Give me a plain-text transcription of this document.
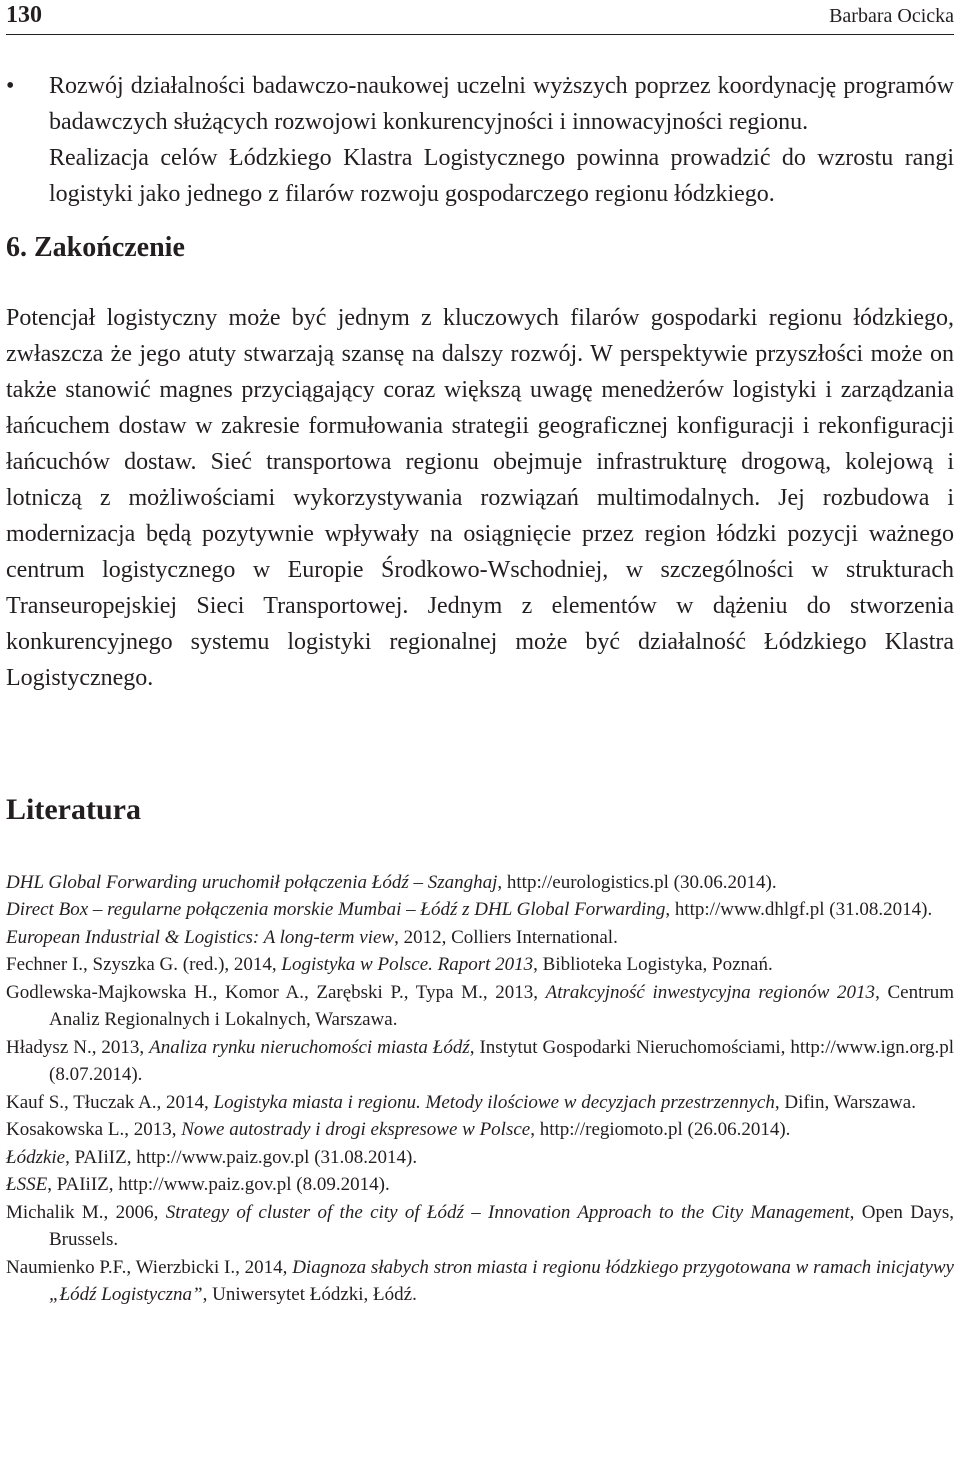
130	Barbara Ocicka
• Rozwój działalności badawczo-naukowej uczelni wyższych poprzez koordynację programów badawczych służących rozwojowi konkurencyjności i innowacyjności regionu.

Realizacja celów Łódzkiego Klastra Logistycznego powinna prowadzić do wzrostu rangi logistyki jako jednego z filarów rozwoju gospodarczego regionu łódzkiego.

6. Zakończenie

Potencjał logistyczny może być jednym z kluczowych filarów gospodarki regionu łódzkiego, zwłaszcza że jego atuty stwarzają szansę na dalszy rozwój. W perspektywie przyszłości może on także stanowić magnes przyciągający coraz większą uwagę menedżerów logistyki i zarządzania łańcuchem dostaw w zakresie formułowania strategii geograficznej konfiguracji i rekonfiguracji łańcuchów dostaw. Sieć transportowa regionu obejmuje infrastrukturę drogową, kolejową i lotniczą z możliwościami wykorzystywania rozwiązań multimodalnych. Jej rozbudowa i modernizacja będą pozytywnie wpływały na osiągnięcie przez region łódzki pozycji ważnego centrum logistycznego w Europie Środkowo-Wschodniej, w szczególności w strukturach Transeuropejskiej Sieci Transportowej. Jednym z elementów w dążeniu do stworzenia konkurencyjnego systemu logistyki regionalnej może być działalność Łódzkiego Klastra Logistycznego.

Literatura
DHL Global Forwarding uruchomił połączenia Łódź – Szanghaj, http://eurologistics.pl (30.06.2014).
Direct Box – regularne połączenia morskie Mumbai – Łódź z DHL Global Forwarding, http://www.dhlgf.pl (31.08.2014).
European Industrial & Logistics: A long-term view, 2012, Colliers International.
Fechner I., Szyszka G. (red.), 2014, Logistyka w Polsce. Raport 2013, Biblioteka Logistyka, Poznań.
Godlewska-Majkowska H., Komor A., Zarębski P., Typa M., 2013, Atrakcyjność inwestycyjna regionów 2013, Centrum Analiz Regionalnych i Lokalnych, Warszawa.
Hładysz N., 2013, Analiza rynku nieruchomości miasta Łódź, Instytut Gospodarki Nieruchomościami, http://www.ign.org.pl (8.07.2014).
Kauf S., Tłuczak A., 2014, Logistyka miasta i regionu. Metody ilościowe w decyzjach przestrzennych, Difin, Warszawa.
Kosakowska L., 2013, Nowe autostrady i drogi ekspresowe w Polsce, http://regiomoto.pl (26.06.2014).
Łódzkie, PAIiIZ, http://www.paiz.gov.pl (31.08.2014).
ŁSSE, PAIiIZ, http://www.paiz.gov.pl (8.09.2014).
Michalik M., 2006, Strategy of cluster of the city of Łódź – Innovation Approach to the City Management, Open Days, Brussels.
Naumienko P.F., Wierzbicki I., 2014, Diagnoza słabych stron miasta i regionu łódzkiego przygotowana w ramach inicjatywy „Łódź Logistyczna”, Uniwersytet Łódzki, Łódź.
